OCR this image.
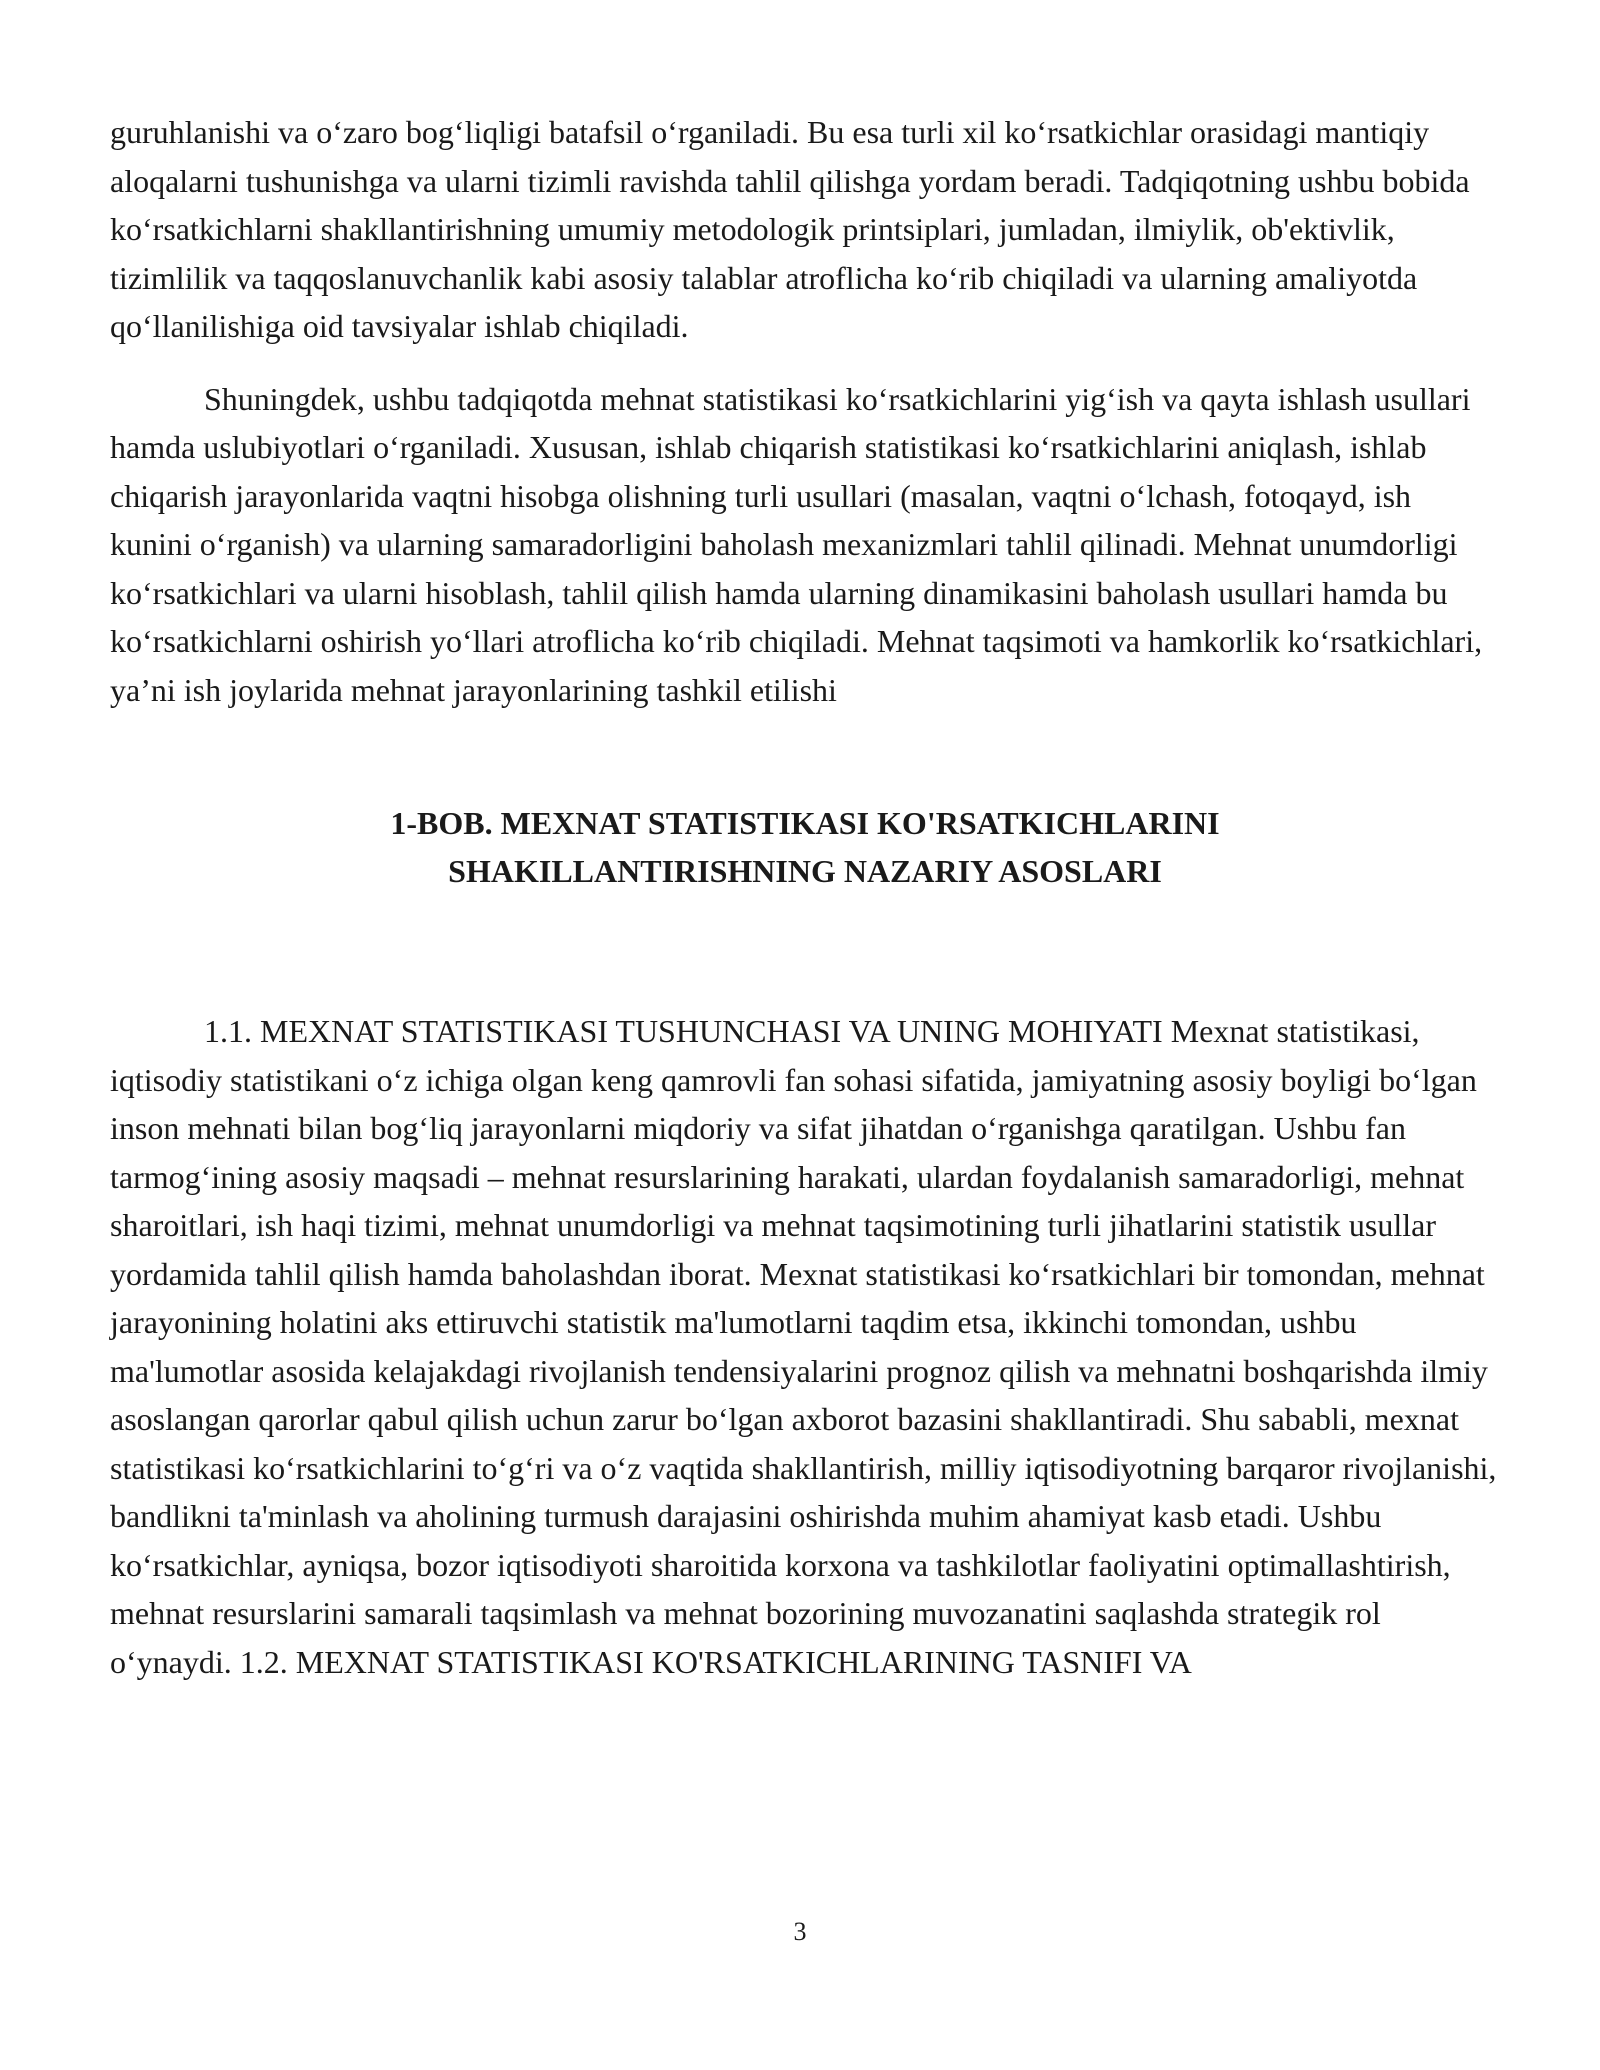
guruhlanishi va o‘zaro bog‘liqligi batafsil o‘rganiladi. Bu esa turli xil ko‘rsatkichlar orasidagi mantiqiy aloqalarni tushunishga va ularni tizimli ravishda tahlil qilishga yordam beradi. Tadqiqotning ushbu bobida ko‘rsatkichlarni shakllantirishning umumiy metodologik printsiplari, jumladan, ilmiylik, ob'ektivlik, tizimlilik va taqqoslanuvchanlik kabi asosiy talablar atroflicha ko‘rib chiqiladi va ularning amaliyotda qo‘llanilishiga oid tavsiyalar ishlab chiqiladi.

Shuningdek, ushbu tadqiqotda mehnat statistikasi ko‘rsatkichlarini yig‘ish va qayta ishlash usullari hamda uslubiyotlari o‘rganiladi. Xususan, ishlab chiqarish statistikasi ko‘rsatkichlarini aniqlash, ishlab chiqarish jarayonlarida vaqtni hisobga olishning turli usullari (masalan, vaqtni o‘lchash, fotoqayd, ish kunini o‘rganish) va ularning samaradorligini baholash mexanizmlari tahlil qilinadi. Mehnat unumdorligi ko‘rsatkichlari va ularni hisoblash, tahlil qilish hamda ularning dinamikasini baholash usullari hamda bu ko‘rsatkichlarni oshirish yo‘llari atroflicha ko‘rib chiqiladi. Mehnat taqsimoti va hamkorlik ko‘rsatkichlari, ya’ni ish joylarida mehnat jarayonlarining tashkil etilishi

1-BOB. MEXNAT STATISTIKASI KO'RSATKICHLARINI

SHAKILLANTIRISHNING NAZARIY ASOSLARI

1.1. MEXNAT STATISTIKASI TUSHUNCHASI VA UNING MOHIYATI Mexnat statistikasi, iqtisodiy statistikani o‘z ichiga olgan keng qamrovli fan sohasi sifatida, jamiyatning asosiy boyligi bo‘lgan inson mehnati bilan bog‘liq jarayonlarni miqdoriy va sifat jihatdan o‘rganishga qaratilgan. Ushbu fan tarmog‘ining asosiy maqsadi – mehnat resurslarining harakati, ulardan foydalanish samaradorligi, mehnat sharoitlari, ish haqi tizimi, mehnat unumdorligi va mehnat taqsimotining turli jihatlarini statistik usullar yordamida tahlil qilish hamda baholashdan iborat. Mexnat statistikasi ko‘rsatkichlari bir tomondan, mehnat jarayonining holatini aks ettiruvchi statistik ma'lumotlarni taqdim etsa, ikkinchi tomondan, ushbu ma'lumotlar asosida kelajakdagi rivojlanish tendensiyalarini prognoz qilish va mehnatni boshqarishda ilmiy asoslangan qarorlar qabul qilish uchun zarur bo‘lgan axborot bazasini shakllantiradi. Shu sababli, mexnat statistikasi ko‘rsatkichlarini to‘g‘ri va o‘z vaqtida shakllantirish, milliy iqtisodiyotning barqaror rivojlanishi, bandlikni ta'minlash va aholining turmush darajasini oshirishda muhim ahamiyat kasb etadi. Ushbu ko‘rsatkichlar, ayniqsa, bozor iqtisodiyoti sharoitida korxona va tashkilotlar faoliyatini optimallashtirish, mehnat resurslarini samarali taqsimlash va mehnat bozorining muvozanatini saqlashda strategik rol o‘ynaydi. 1.2. MEXNAT STATISTIKASI KO'RSATKICHLARINING TASNIFI VA

3
